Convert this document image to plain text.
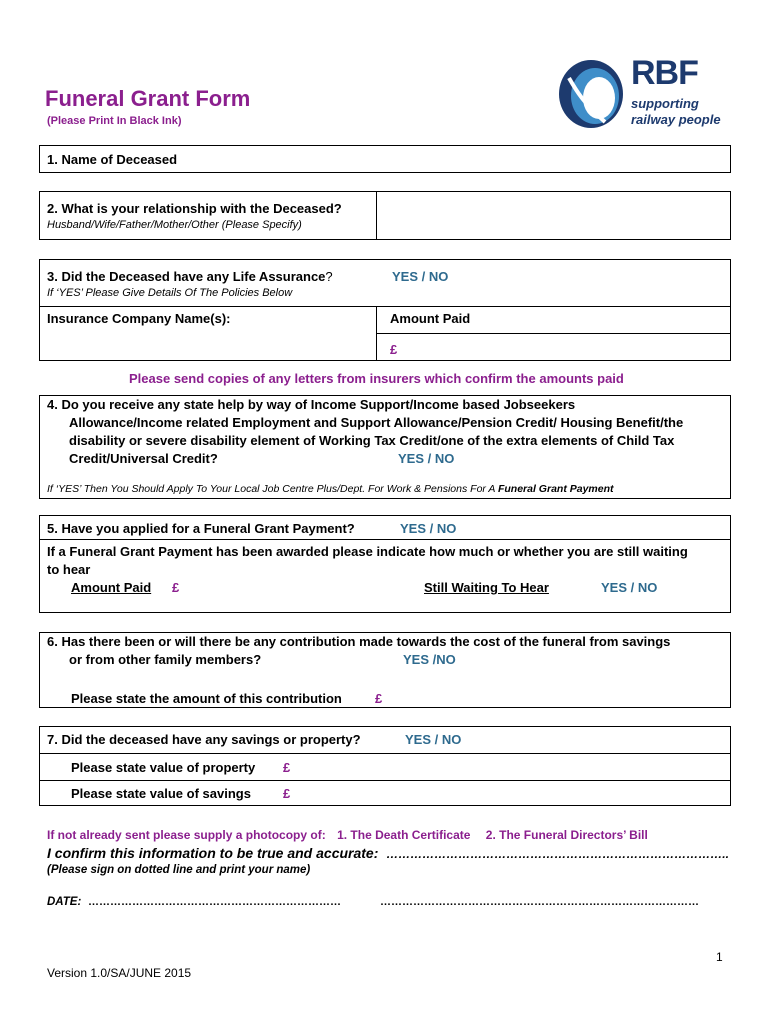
Funeral Grant Form
(Please Print In Black Ink)
RBF
supporting
railway people
1. Name of Deceased
2. What is your relationship with the Deceased?
Husband/Wife/Father/Mother/Other (Please Specify)
3. Did the Deceased have any Life Assurance?	YES / NO
If ‘YES’ Please Give Details Of The Policies Below
Insurance Company Name(s):	Amount Paid
£
Please send copies of any letters from insurers which confirm the amounts paid
4. Do you receive any state help by way of Income Support/Income based Jobseekers
Allowance/Income related Employment and Support Allowance/Pension Credit/ Housing Benefit/the
disability or severe disability element of Working Tax Credit/one of the extra elements of Child Tax
Credit/Universal Credit?	YES / NO
If ‘YES’ Then You Should Apply To Your Local Job Centre Plus/Dept. For Work & Pensions For A Funeral Grant Payment
5. Have you applied for a Funeral Grant Payment?	YES / NO
If a Funeral Grant Payment has been awarded please indicate how much or whether you are still waiting
to hear
Amount Paid £	Still Waiting To Hear	YES / NO
6. Has there been or will there be any contribution made towards the cost of the funeral from savings
or from other family members?	YES /NO
Please state the amount of this contribution	£
7. Did the deceased have any savings or property?	YES / NO
Please state value of property £
Please state value of savings £
If not already sent please supply a photocopy of: 1. The Death Certificate 2. The Funeral Directors’ Bill
I confirm this information to be true and accurate: …………………………………………………………………………..
(Please sign on dotted line and print your name)
DATE: ……………………………………………………………	……………………………………………………………………………
1
Version 1.0/SA/JUNE 2015
